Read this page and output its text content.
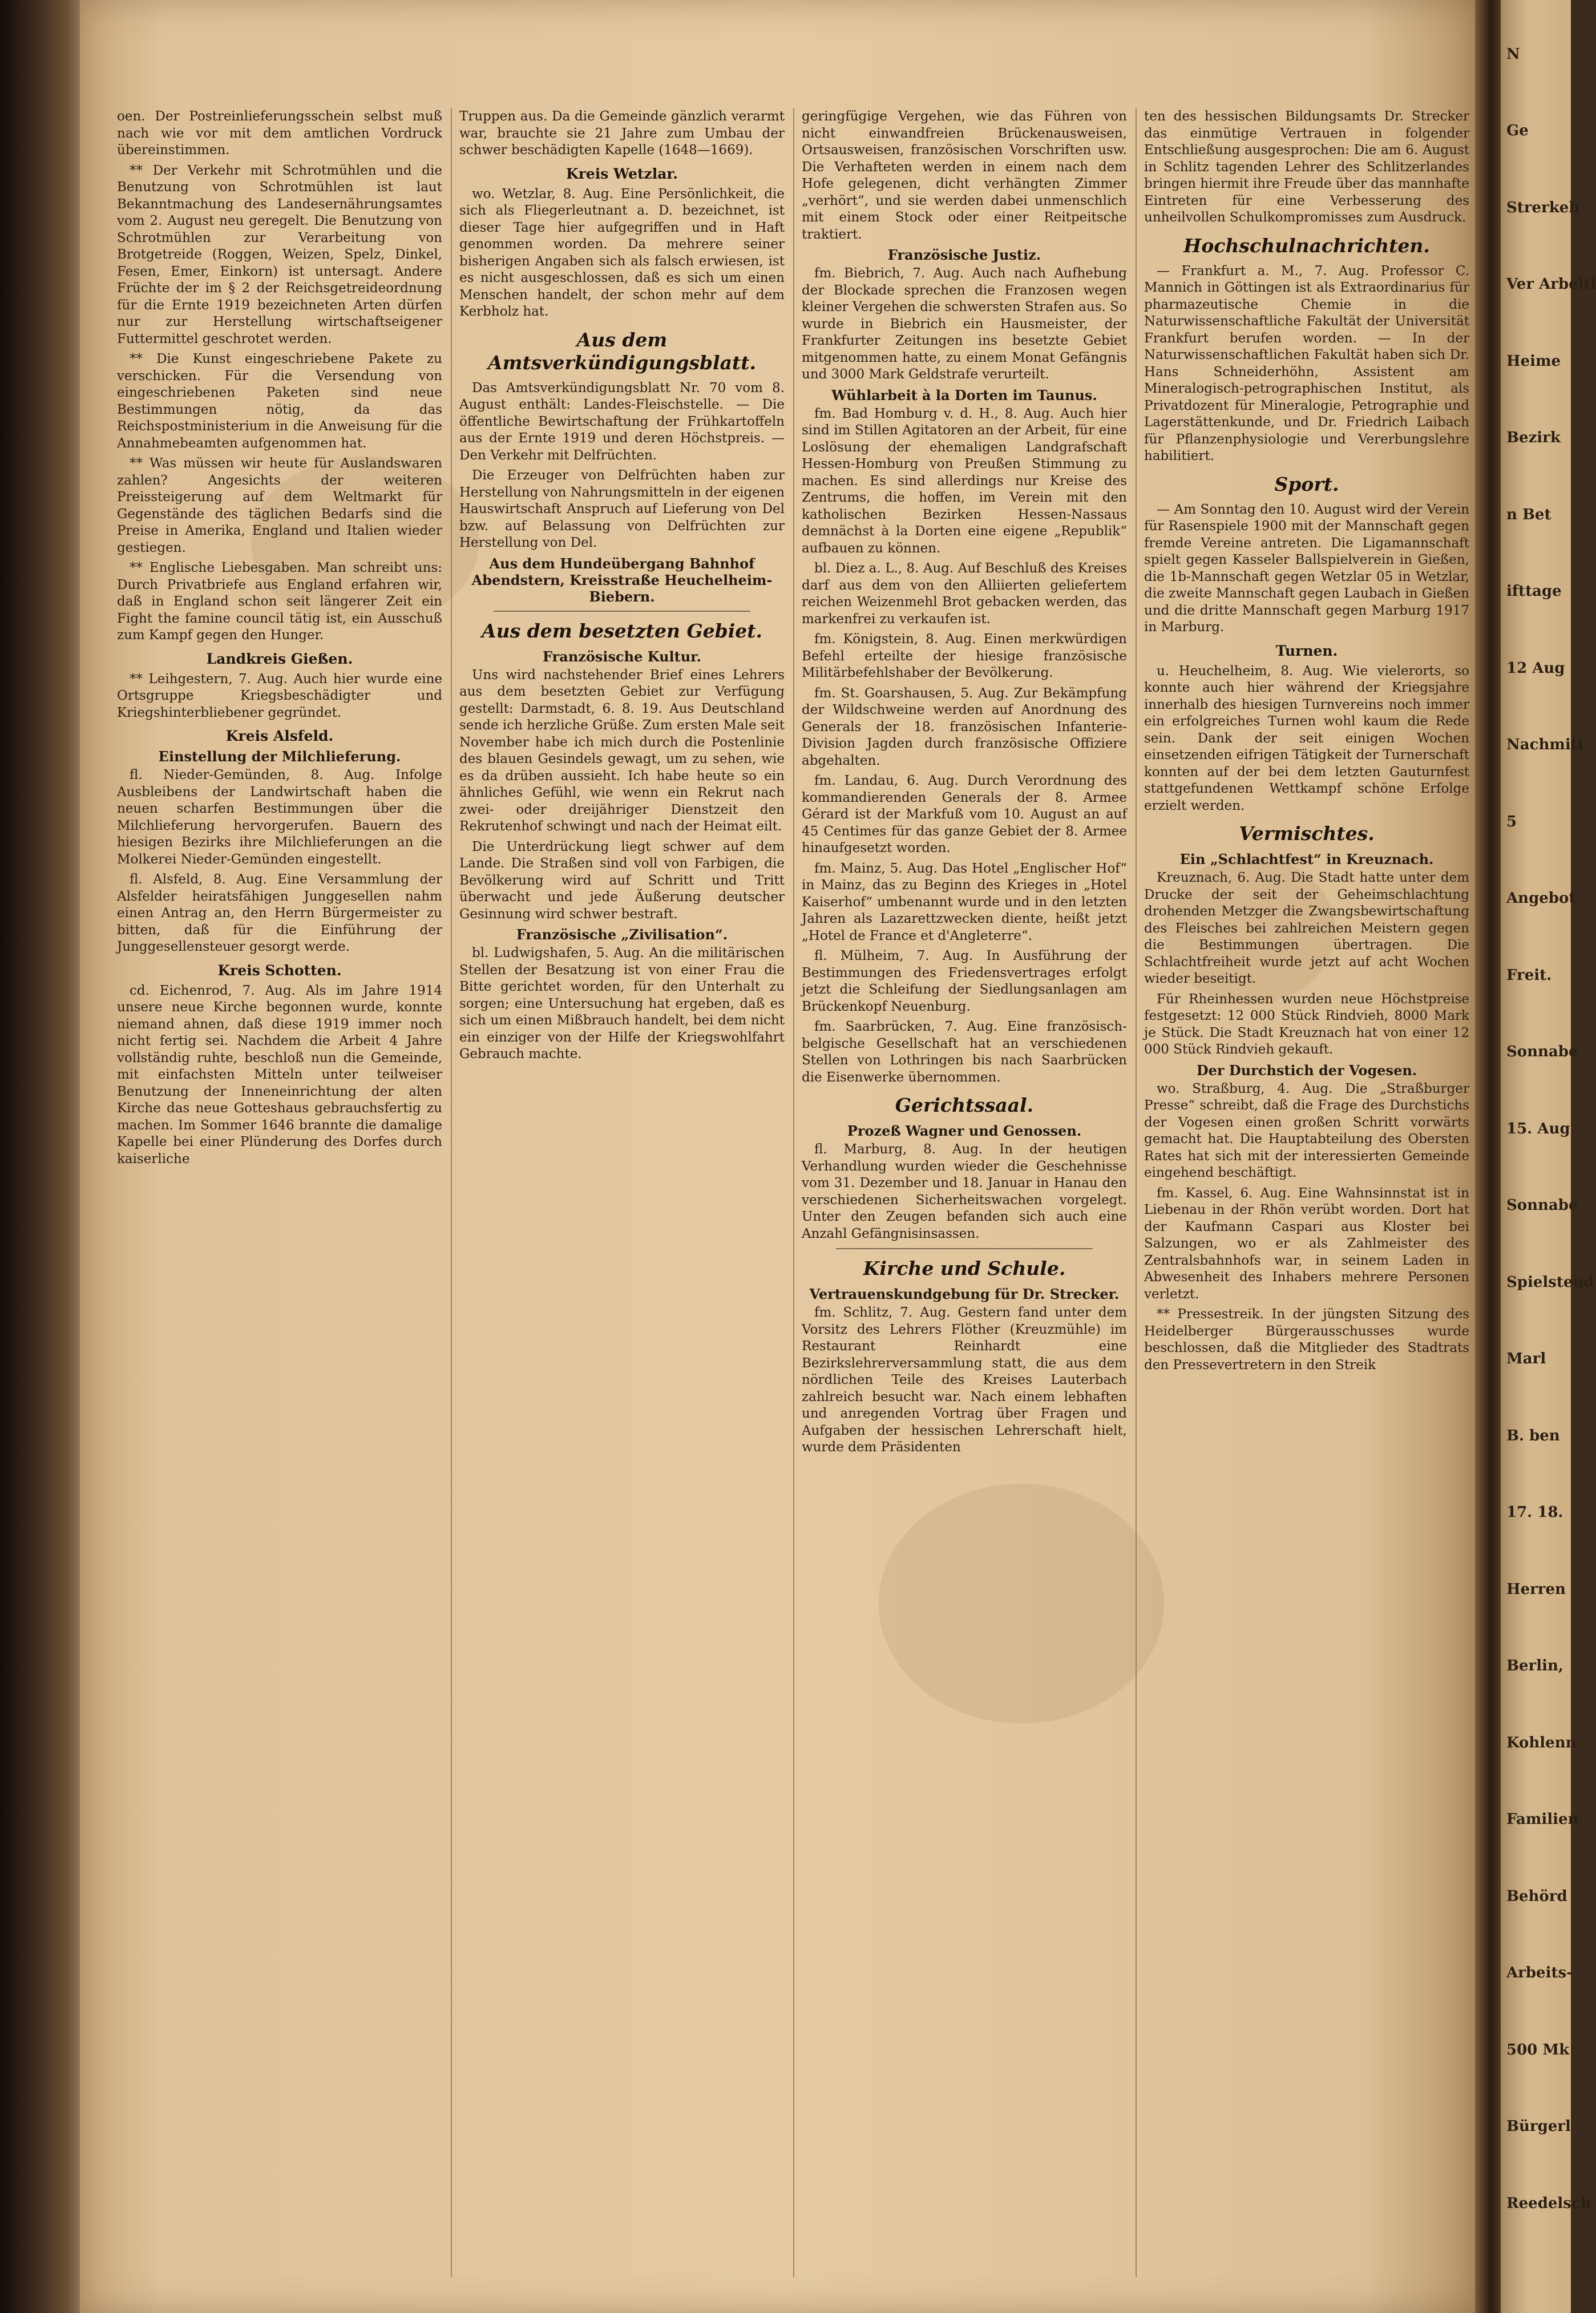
oen. Der Postreinlieferungsschein selbst muß nach wie vor mit dem amtlichen Vordruck übereinstimmen.

** Der Verkehr mit Schrotmühlen und die Benutzung von Schrotmühlen ist laut Bekanntmachung des Landesernährungsamtes vom 2. August neu geregelt. Die Benutzung von Schrotmühlen zur Verarbeitung von Brotgetreide (Roggen, Weizen, Spelz, Dinkel, Fesen, Emer, Einkorn) ist untersagt. Andere Früchte der im § 2 der Reichsgetreideordnung für die Ernte 1919 bezeichneten Arten dürfen nur zur Herstellung wirtschaftseigener Futtermittel geschrotet werden.

** Die Kunst eingeschriebene Pakete zu verschicken. Für die Versendung von eingeschriebenen Paketen sind neue Bestimmungen nötig, da das Reichspostministerium in die Anweisung für die Annahmebeamten aufgenommen hat.

** Was müssen wir heute für Auslandswaren zahlen? Angesichts der weiteren Preissteigerung auf dem Weltmarkt für Gegenstände des täglichen Bedarfs sind die Preise in Amerika, England und Italien wieder gestiegen.

** Englische Liebesgaben. Man schreibt uns: Durch Privatbriefe aus England erfahren wir, daß in England schon seit längerer Zeit ein Fight the famine council tätig ist, ein Ausschuß zum Kampf gegen den Hunger.

Landkreis Gießen.

** Leihgestern, 7. Aug. Auch hier wurde eine Ortsgruppe Kriegsbeschädigter und Kriegshinterbliebener gegründet.

Kreis Alsfeld.
Einstellung der Milchlieferung.

fl. Nieder-Gemünden, 8. Aug. Infolge Ausbleibens der Landwirtschaft haben die neuen scharfen Bestimmungen über die Milchlieferung hervorgerufen. Bauern des hiesigen Bezirks ihre Milchlieferungen an die Molkerei Nieder-Gemünden eingestellt.

fl. Alsfeld, 8. Aug. Eine Versammlung der Alsfelder heiratsfähigen Junggesellen nahm einen Antrag an, den Herrn Bürgermeister zu bitten, daß für die Einführung der Junggesellensteuer gesorgt werde.

Kreis Schotten.

cd. Eichenrod, 7. Aug. Als im Jahre 1914 unsere neue Kirche begonnen wurde, konnte niemand ahnen, daß diese 1919 immer noch nicht fertig sei. Nachdem die Arbeit 4 Jahre vollständig ruhte, beschloß nun die Gemeinde, mit einfachsten Mitteln unter teilweiser Benutzung der Inneneinrichtung der alten Kirche das neue Gotteshaus gebrauchsfertig zu machen. Im Sommer 1646 brannte die damalige Kapelle bei einer Plünderung des Dorfes durch kaiserliche

Truppen aus. Da die Gemeinde gänzlich verarmt war, brauchte sie 21 Jahre zum Umbau der schwer beschädigten Kapelle (1648—1669).

Kreis Wetzlar.

wo. Wetzlar, 8. Aug. Eine Persönlichkeit, die sich als Fliegerleutnant a. D. bezeichnet, ist dieser Tage hier aufgegriffen und in Haft genommen worden. Da mehrere seiner bisherigen Angaben sich als falsch erwiesen, ist es nicht ausgeschlossen, daß es sich um einen Menschen handelt, der schon mehr auf dem Kerbholz hat.

Aus dem Amtsverkündigungsblatt.

Das Amtsverkündigungsblatt Nr. 70 vom 8. August enthält: Landes-Fleischstelle. — Die öffentliche Bewirtschaftung der Frühkartoffeln aus der Ernte 1919 und deren Höchstpreis. — Den Verkehr mit Delfrüchten.

Die Erzeuger von Delfrüchten haben zur Herstellung von Nahrungsmitteln in der eigenen Hauswirtschaft Anspruch auf Lieferung von Del bzw. auf Belassung von Delfrüchten zur Herstellung von Del.

Aus dem Hundeübergang Bahnhof Abendstern, Kreisstraße Heuchelheim-Biebern.
Aus dem besetzten Gebiet.
Französische Kultur.

Uns wird nachstehender Brief eines Lehrers aus dem besetzten Gebiet zur Verfügung gestellt: Darmstadt, 6. 8. 19. Aus Deutschland sende ich herzliche Grüße. Zum ersten Male seit November habe ich mich durch die Postenlinie des blauen Gesindels gewagt, um zu sehen, wie es da drüben aussieht. Ich habe heute so ein ähnliches Gefühl, wie wenn ein Rekrut nach zwei- oder dreijähriger Dienstzeit den Rekrutenhof schwingt und nach der Heimat eilt.

Die Unterdrückung liegt schwer auf dem Lande. Die Straßen sind voll von Farbigen, die Bevölkerung wird auf Schritt und Tritt überwacht und jede Äußerung deutscher Gesinnung wird schwer bestraft.

Französische „Zivilisation“.

bl. Ludwigshafen, 5. Aug. An die militärischen Stellen der Besatzung ist von einer Frau die Bitte gerichtet worden, für den Unterhalt zu sorgen; eine Untersuchung hat ergeben, daß es sich um einen Mißbrauch handelt, bei dem nicht ein einziger von der Hilfe der Kriegswohlfahrt Gebrauch machte.

geringfügige Vergehen, wie das Führen von nicht einwandfreien Brückenausweisen, Ortsausweisen, französischen Vorschriften usw. Die Verhafteten werden in einem nach dem Hofe gelegenen, dicht verhängten Zimmer „verhört“, und sie werden dabei unmenschlich mit einem Stock oder einer Reitpeitsche traktiert.

Französische Justiz.

fm. Biebrich, 7. Aug. Auch nach Aufhebung der Blockade sprechen die Franzosen wegen kleiner Vergehen die schwersten Strafen aus. So wurde in Biebrich ein Hausmeister, der Frankfurter Zeitungen ins besetzte Gebiet mitgenommen hatte, zu einem Monat Gefängnis und 3000 Mark Geldstrafe verurteilt.

Wühlarbeit à la Dorten im Taunus.

fm. Bad Homburg v. d. H., 8. Aug. Auch hier sind im Stillen Agitatoren an der Arbeit, für eine Loslösung der ehemaligen Landgrafschaft Hessen-Homburg von Preußen Stimmung zu machen. Es sind allerdings nur Kreise des Zentrums, die hoffen, im Verein mit den katholischen Bezirken Hessen-Nassaus demnächst à la Dorten eine eigene „Republik“ aufbauen zu können.

bl. Diez a. L., 8. Aug. Auf Beschluß des Kreises darf aus dem von den Alliierten geliefertem reichen Weizenmehl Brot gebacken werden, das markenfrei zu verkaufen ist.

fm. Königstein, 8. Aug. Einen merkwürdigen Befehl erteilte der hiesige französische Militärbefehlshaber der Bevölkerung.

fm. St. Goarshausen, 5. Aug. Zur Bekämpfung der Wildschweine werden auf Anordnung des Generals der 18. französischen Infanterie-Division Jagden durch französische Offiziere abgehalten.

fm. Landau, 6. Aug. Durch Verordnung des kommandierenden Generals der 8. Armee Gérard ist der Markfuß vom 10. August an auf 45 Centimes für das ganze Gebiet der 8. Armee hinaufgesetzt worden.

fm. Mainz, 5. Aug. Das Hotel „Englischer Hof“ in Mainz, das zu Beginn des Krieges in „Hotel Kaiserhof“ umbenannt wurde und in den letzten Jahren als Lazarettzwecken diente, heißt jetzt „Hotel de France et d'Angleterre“.

fl. Mülheim, 7. Aug. In Ausführung der Bestimmungen des Friedensvertrages erfolgt jetzt die Schleifung der Siedlungsanlagen am Brückenkopf Neuenburg.

fm. Saarbrücken, 7. Aug. Eine französisch-belgische Gesellschaft hat an verschiedenen Stellen von Lothringen bis nach Saarbrücken die Eisenwerke übernommen.

Gerichtssaal.
Prozeß Wagner und Genossen.

fl. Marburg, 8. Aug. In der heutigen Verhandlung wurden wieder die Geschehnisse vom 31. Dezember und 18. Januar in Hanau den verschiedenen Sicherheitswachen vorgelegt. Unter den Zeugen befanden sich auch eine Anzahl Gefängnisinsassen.

Kirche und Schule.
Vertrauenskundgebung für Dr. Strecker.

fm. Schlitz, 7. Aug. Gestern fand unter dem Vorsitz des Lehrers Flöther (Kreuzmühle) im Restaurant Reinhardt eine Bezirkslehrerversammlung statt, die aus dem nördlichen Teile des Kreises Lauterbach zahlreich besucht war. Nach einem lebhaften und anregenden Vortrag über Fragen und Aufgaben der hessischen Lehrerschaft hielt, wurde dem Präsidenten

ten des hessischen Bildungsamts Dr. Strecker das einmütige Vertrauen in folgender Entschließung ausgesprochen: Die am 6. August in Schlitz tagenden Lehrer des Schlitzerlandes bringen hiermit ihre Freude über das mannhafte Eintreten für eine Verbesserung des unheilvollen Schulkompromisses zum Ausdruck.

Hochschulnachrichten.

— Frankfurt a. M., 7. Aug. Professor C. Mannich in Göttingen ist als Extraordinarius für pharmazeutische Chemie in die Naturwissenschaftliche Fakultät der Universität Frankfurt berufen worden. — In der Naturwissenschaftlichen Fakultät haben sich Dr. Hans Schneiderhöhn, Assistent am Mineralogisch-petrographischen Institut, als Privatdozent für Mineralogie, Petrographie und Lagerstättenkunde, und Dr. Friedrich Laibach für Pflanzenphysiologie und Vererbungslehre habilitiert.

Sport.

— Am Sonntag den 10. August wird der Verein für Rasenspiele 1900 mit der Mannschaft gegen fremde Vereine antreten. Die Ligamannschaft spielt gegen Kasseler Ballspielverein in Gießen, die 1b-Mannschaft gegen Wetzlar 05 in Wetzlar, die zweite Mannschaft gegen Laubach in Gießen und die dritte Mannschaft gegen Marburg 1917 in Marburg.

Turnen.

u. Heuchelheim, 8. Aug. Wie vielerorts, so konnte auch hier während der Kriegsjahre innerhalb des hiesigen Turnvereins noch immer ein erfolgreiches Turnen wohl kaum die Rede sein. Dank der seit einigen Wochen einsetzenden eifrigen Tätigkeit der Turnerschaft konnten auf der bei dem letzten Gauturnfest stattgefundenen Wettkampf schöne Erfolge erzielt werden.

Vermischtes.
Ein „Schlachtfest“ in Kreuznach.

Kreuznach, 6. Aug. Die Stadt hatte unter dem Drucke der seit der Geheimschlachtung drohenden Metzger die Zwangsbewirtschaftung des Fleisches bei zahlreichen Meistern gegen die Bestimmungen übertragen. Die Schlachtfreiheit wurde jetzt auf acht Wochen wieder beseitigt.

Für Rheinhessen wurden neue Höchstpreise festgesetzt: 12 000 Stück Rindvieh, 8000 Mark je Stück. Die Stadt Kreuznach hat von einer 12 000 Stück Rindvieh gekauft.

Der Durchstich der Vogesen.

wo. Straßburg, 4. Aug. Die „Straßburger Presse“ schreibt, daß die Frage des Durchstichs der Vogesen einen großen Schritt vorwärts gemacht hat. Die Hauptabteilung des Obersten Rates hat sich mit der interessierten Gemeinde eingehend beschäftigt.

fm. Kassel, 6. Aug. Eine Wahnsinnstat ist in Liebenau in der Rhön verübt worden. Dort hat der Kaufmann Caspari aus Kloster bei Salzungen, wo er als Zahlmeister des Zentralsbahnhofs war, in seinem Laden in Abwesenheit des Inhabers mehrere Personen verletzt.

** Pressestreik. In der jüngsten Sitzung des Heidelberger Bürgerausschusses wurde beschlossen, daß die Mitglieder des Stadtrats den Pressevertretern in den Streik

N
Ge
Strerkeh
Ver Arbeitl
Heime
Bezirk
n Bet
ifttage
12 Aug
Nachmitt
5
Angebot
Freit.
Sonnabe
15. Aug
Sonnabe
Spielsteud
Marl
B. ben
17. 18.
Herren
Berlin,
Kohlenn
Familien
Behörd
Arbeits-
500 Mk
Bürgerl
Reedelsch
